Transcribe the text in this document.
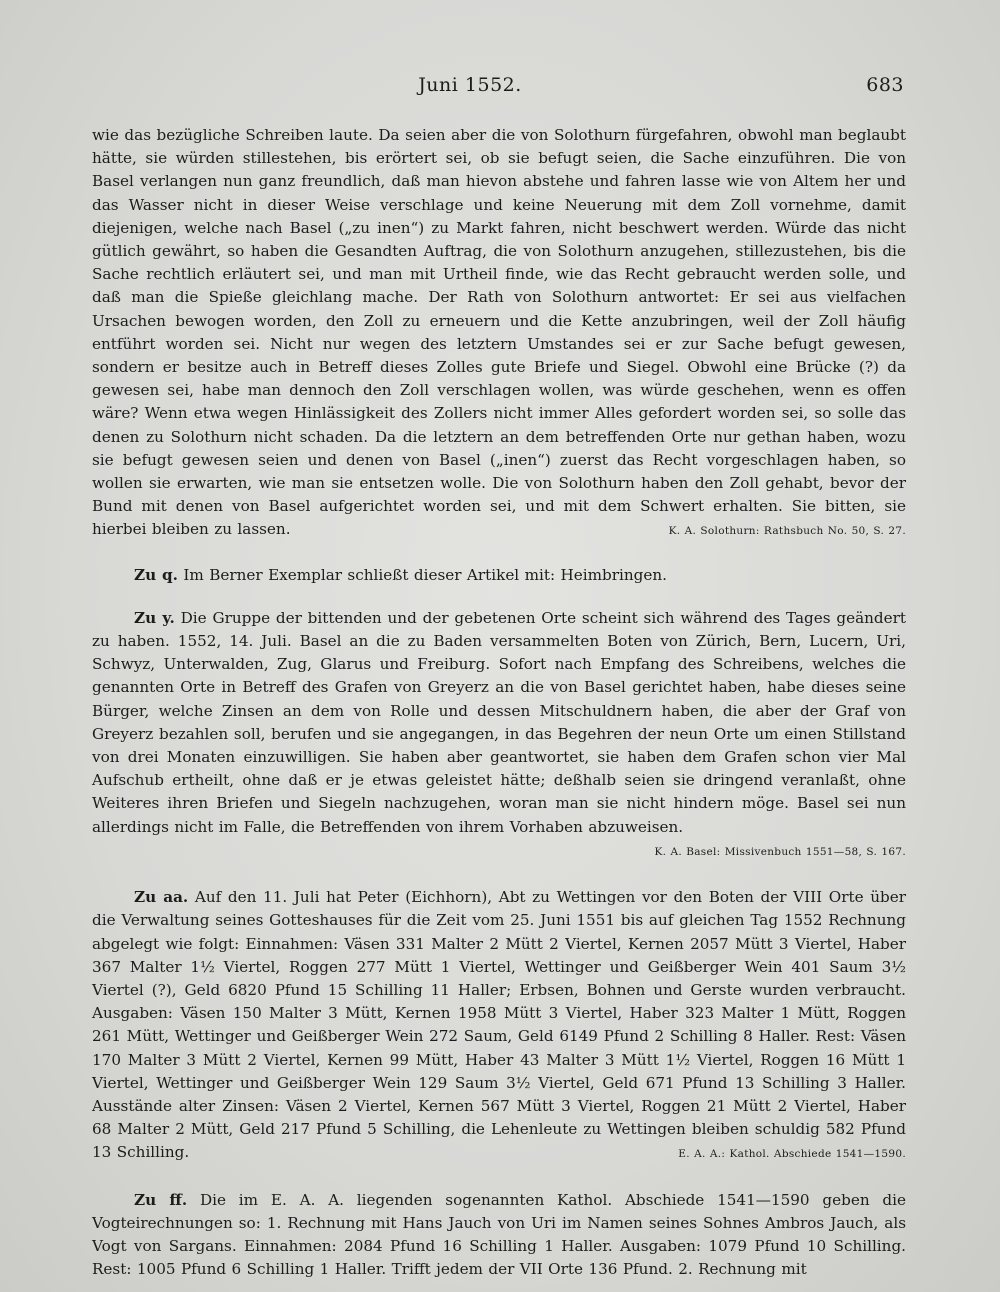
Juni 1552.	683

wie das bezügliche Schreiben laute. Da seien aber die von Solothurn fürgefahren, obwohl man beglaubt hätte, sie würden stillestehen, bis erörtert sei, ob sie befugt seien, die Sache einzuführen. Die von Basel verlangen nun ganz freundlich, daß man hievon abstehe und fahren lasse wie von Altem her und das Wasser nicht in dieser Weise verschlage und keine Neuerung mit dem Zoll vornehme, damit diejenigen, welche nach Basel („zu inen“) zu Markt fahren, nicht beschwert werden. Würde das nicht gütlich gewährt, so haben die Gesandten Auftrag, die von Solothurn anzugehen, stillezustehen, bis die Sache rechtlich erläutert sei, und man mit Urtheil finde, wie das Recht gebraucht werden solle, und daß man die Spieße gleichlang mache. Der Rath von Solothurn antwortet: Er sei aus vielfachen Ursachen bewogen worden, den Zoll zu erneuern und die Kette anzubringen, weil der Zoll häufig entführt worden sei. Nicht nur wegen des letztern Umstandes sei er zur Sache befugt gewesen, sondern er besitze auch in Betreff dieses Zolles gute Briefe und Siegel. Obwohl eine Brücke (?) da gewesen sei, habe man dennoch den Zoll verschlagen wollen, was würde geschehen, wenn es offen wäre? Wenn etwa wegen Hinlässigkeit des Zollers nicht immer Alles gefordert worden sei, so solle das denen zu Solothurn nicht schaden. Da die letztern an dem betreffenden Orte nur gethan haben, wozu sie befugt gewesen seien und denen von Basel („inen“) zuerst das Recht vorgeschlagen haben, so wollen sie erwarten, wie man sie entsetzen wolle. Die von Solothurn haben den Zoll gehabt, bevor der Bund mit denen von Basel aufgerichtet worden sei, und mit dem Schwert erhalten. Sie bitten, sie hierbei bleiben zu lassen.	K. A. Solothurn: Rathsbuch No. 50, S. 27.

Zu q. Im Berner Exemplar schließt dieser Artikel mit: Heimbringen.

Zu y. Die Gruppe der bittenden und der gebetenen Orte scheint sich während des Tages geändert zu haben. 1552, 14. Juli. Basel an die zu Baden versammelten Boten von Zürich, Bern, Lucern, Uri, Schwyz, Unterwalden, Zug, Glarus und Freiburg. Sofort nach Empfang des Schreibens, welches die genannten Orte in Betreff des Grafen von Greyerz an die von Basel gerichtet haben, habe dieses seine Bürger, welche Zinsen an dem von Rolle und dessen Mitschuldnern haben, die aber der Graf von Greyerz bezahlen soll, berufen und sie angegangen, in das Begehren der neun Orte um einen Stillstand von drei Monaten einzuwilligen. Sie haben aber geantwortet, sie haben dem Grafen schon vier Mal Aufschub ertheilt, ohne daß er je etwas geleistet hätte; deßhalb seien sie dringend veranlaßt, ohne Weiteres ihren Briefen und Siegeln nachzugehen, woran man sie nicht hindern möge. Basel sei nun allerdings nicht im Falle, die Betreffenden von ihrem Vorhaben abzuweisen.
K. A. Basel: Missivenbuch 1551—58, S. 167.

Zu aa. Auf den 11. Juli hat Peter (Eichhorn), Abt zu Wettingen vor den Boten der VIII Orte über die Verwaltung seines Gotteshauses für die Zeit vom 25. Juni 1551 bis auf gleichen Tag 1552 Rechnung abgelegt wie folgt: Einnahmen: Väsen 331 Malter 2 Mütt 2 Viertel, Kernen 2057 Mütt 3 Viertel, Haber 367 Malter 1½ Viertel, Roggen 277 Mütt 1 Viertel, Wettinger und Geißberger Wein 401 Saum 3½ Viertel (?), Geld 6820 Pfund 15 Schilling 11 Haller; Erbsen, Bohnen und Gerste wurden verbraucht. Ausgaben: Väsen 150 Malter 3 Mütt, Kernen 1958 Mütt 3 Viertel, Haber 323 Malter 1 Mütt, Roggen 261 Mütt, Wettinger und Geißberger Wein 272 Saum, Geld 6149 Pfund 2 Schilling 8 Haller. Rest: Väsen 170 Malter 3 Mütt 2 Viertel, Kernen 99 Mütt, Haber 43 Malter 3 Mütt 1½ Viertel, Roggen 16 Mütt 1 Viertel, Wettinger und Geißberger Wein 129 Saum 3½ Viertel, Geld 671 Pfund 13 Schilling 3 Haller. Ausstände alter Zinsen: Väsen 2 Viertel, Kernen 567 Mütt 3 Viertel, Roggen 21 Mütt 2 Viertel, Haber 68 Malter 2 Mütt, Geld 217 Pfund 5 Schilling, die Lehenleute zu Wettingen bleiben schuldig 582 Pfund 13 Schilling.	E. A. A.: Kathol. Abschiede 1541—1590.

Zu ff. Die im E. A. A. liegenden sogenannten Kathol. Abschiede 1541—1590 geben die Vogteirechnungen so: 1. Rechnung mit Hans Jauch von Uri im Namen seines Sohnes Ambros Jauch, als Vogt von Sargans. Einnahmen: 2084 Pfund 16 Schilling 1 Haller. Ausgaben: 1079 Pfund 10 Schilling. Rest: 1005 Pfund 6 Schilling 1 Haller. Trifft jedem der VII Orte 136 Pfund. 2. Rechnung mit
